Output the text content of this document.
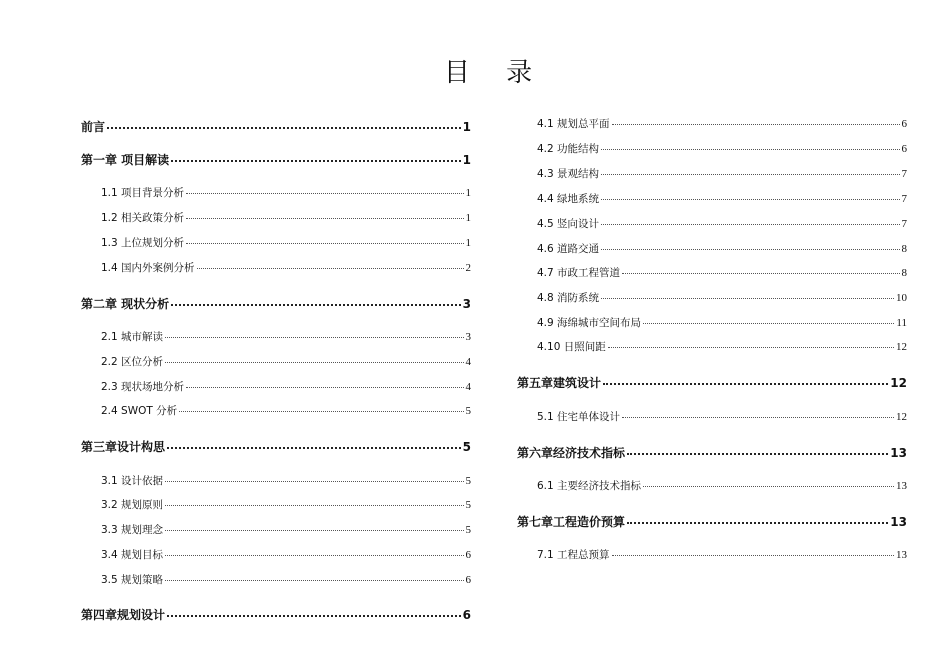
目 录
前言	1
第一章 项目解读	1
1.1 项目背景分析	1
1.2 相关政策分析	1
1.3 上位规划分析	1
1.4 国内外案例分析	2
第二章 现状分析	3
2.1 城市解读	3
2.2 区位分析	4
2.3 现状场地分析	4
2.4 SWOT 分析	5
第三章设计构思	5
3.1 设计依据	5
3.2 规划原则	5
3.3 规划理念	5
3.4 规划目标	6
3.5 规划策略	6
第四章规划设计	6
4.1 规划总平面	6
4.2 功能结构	6
4.3 景观结构	7
4.4 绿地系统	7
4.5 竖向设计	7
4.6 道路交通	8
4.7 市政工程管道	8
4.8 消防系统	10
4.9 海绵城市空间布局	11
4.10 日照间距	12
第五章建筑设计	12
5.1 住宅单体设计	12
第六章经济技术指标	13
6.1 主要经济技术指标	13
第七章工程造价预算	13
7.1 工程总预算	13
